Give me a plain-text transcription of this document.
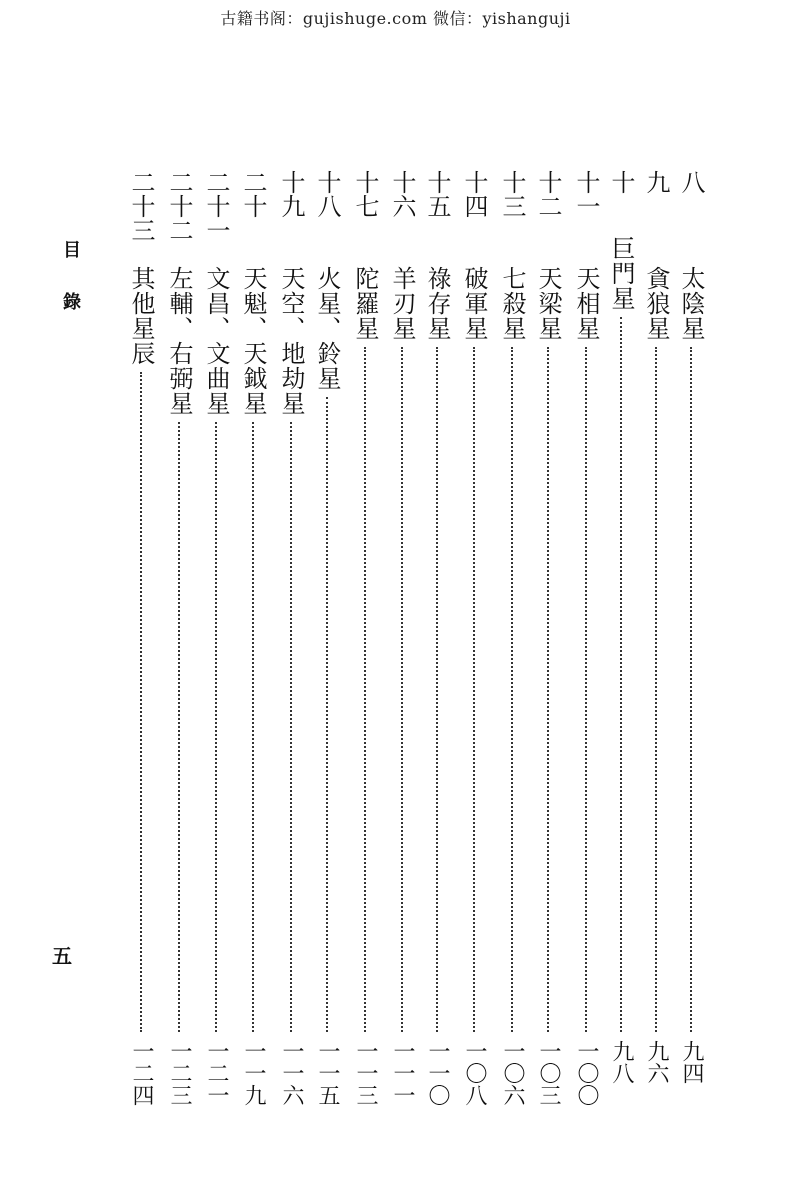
古籍书阁：gujishuge.com 微信：yishanguji
目
錄
五
八
太陰星
九四
九
貪狼星
九六
十
巨門星
九八
十一
天相星
一〇〇
十二
天梁星
一〇三
十三
七殺星
一〇六
十四
破軍星
一〇八
十五
祿存星
一一〇
十六
羊刃星
一一一
十七
陀羅星
一一三
十八
火星、鈴星
一一五
十九
天空、地劫星
一一六
二十
天魁、天鉞星
一一九
二十一
文昌、文曲星
一二一
二十二
左輔、右弼星
一二三
二十三
其他星辰
一二四
